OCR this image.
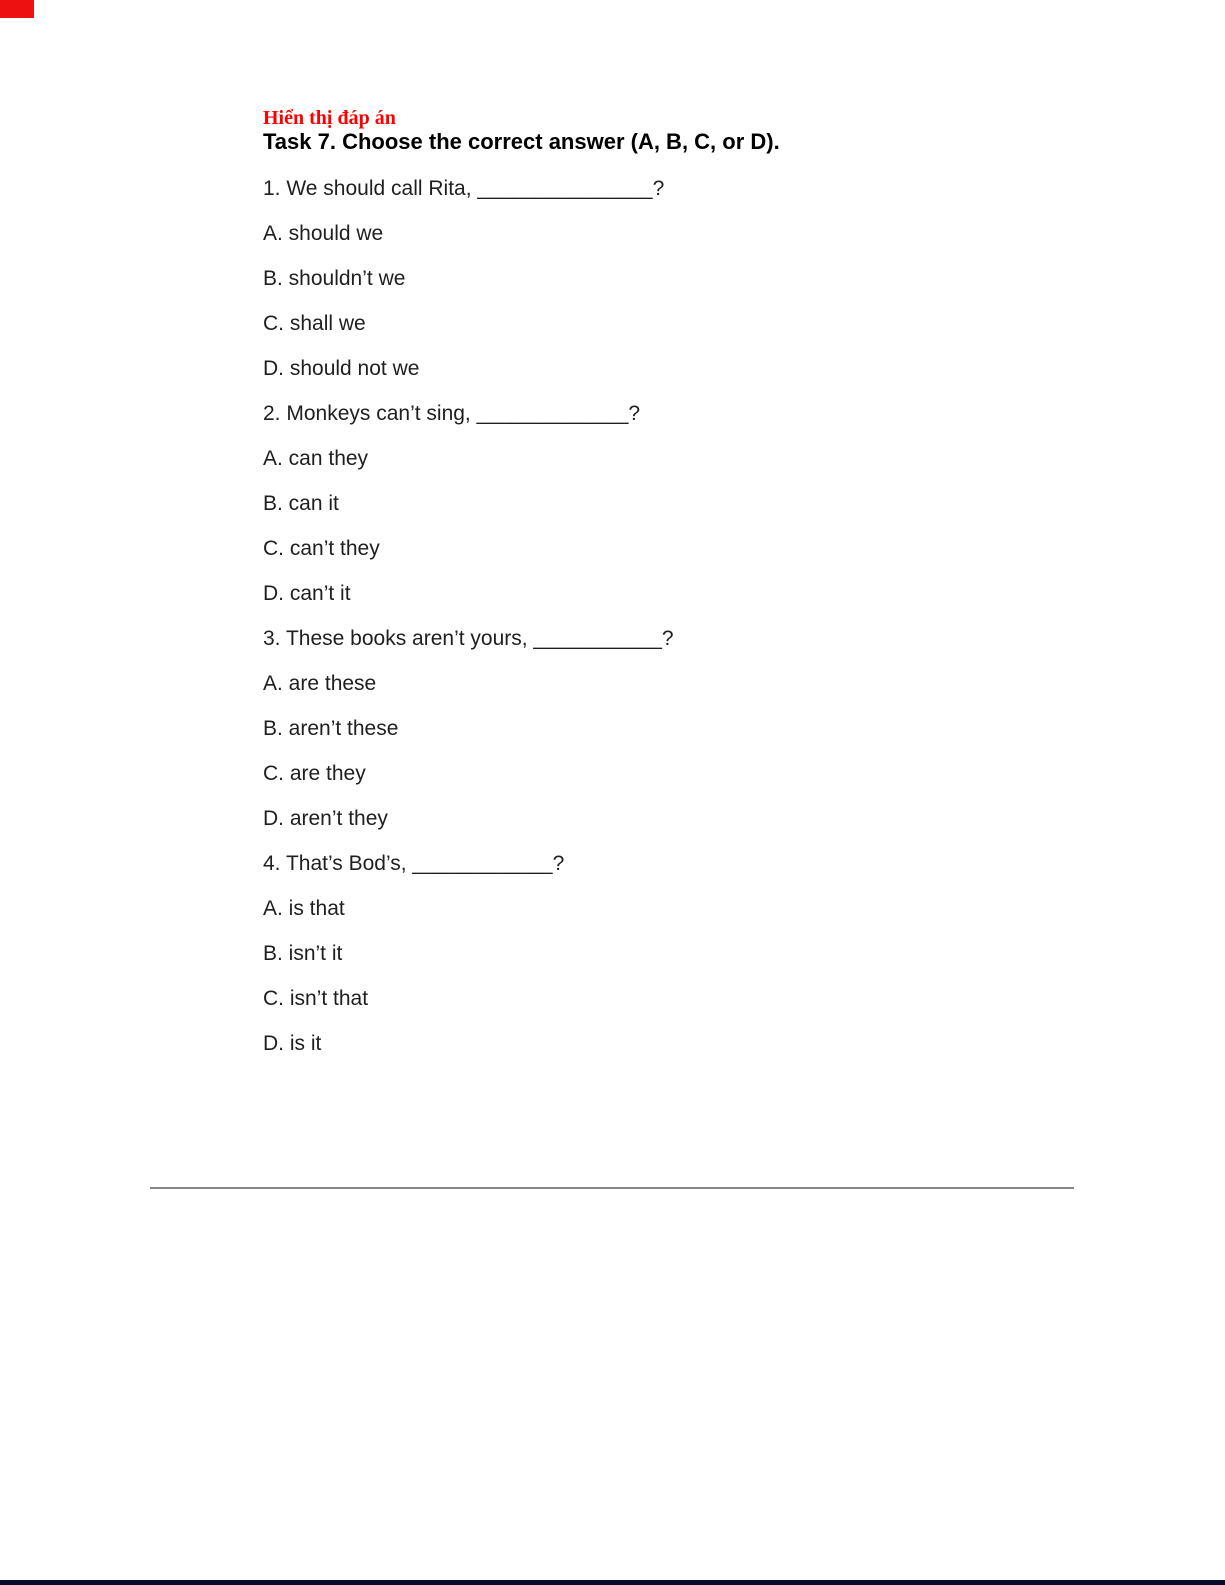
Hiển thị đáp án
Task 7. Choose the correct answer (A, B, C, or D).

1. We should call Rita, _______________?

A. should we

B. shouldn’t we

C. shall we

D. should not we

2. Monkeys can’t sing, _____________?

A. can they

B. can it

C. can’t they

D. can’t it

3. These books aren’t yours, ___________?

A. are these

B. aren’t these

C. are they

D. aren’t they

4. That’s Bod’s, ____________?

A. is that

B. isn’t it

C. isn’t that

D. is it
